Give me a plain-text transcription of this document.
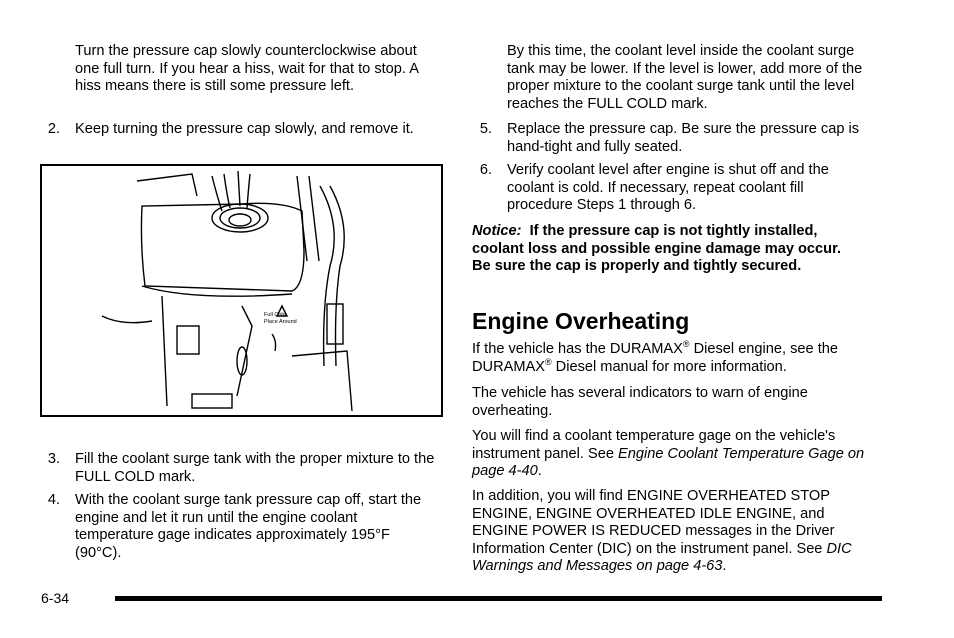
Turn the pressure cap slowly counterclockwise about one full turn. If you hear a hiss, wait for that to stop. A hiss means there is still some pressure left.

2. Keep turning the pressure cap slowly, and remove it.
Full Cold
Place Around
3. Fill the coolant surge tank with the proper mixture to the FULL COLD mark.
4. With the coolant surge tank pressure cap off, start the engine and let it run until the engine coolant temperature gage indicates approximately 195°F (90°C).

By this time, the coolant level inside the coolant surge tank may be lower. If the level is lower, add more of the proper mixture to the coolant surge tank until the level reaches the FULL COLD mark.

5. Replace the pressure cap. Be sure the pressure cap is hand-tight and fully seated.
6. Verify coolant level after engine is shut off and the coolant is cold. If necessary, repeat coolant fill procedure Steps 1 through 6.

Notice: If the pressure cap is not tightly installed, coolant loss and possible engine damage may occur. Be sure the cap is properly and tightly secured.

Engine Overheating

If the vehicle has the DURAMAX® Diesel engine, see the DURAMAX® Diesel manual for more information.

The vehicle has several indicators to warn of engine overheating.

You will find a coolant temperature gage on the vehicle's instrument panel. See Engine Coolant Temperature Gage on page 4-40.

In addition, you will find ENGINE OVERHEATED STOP ENGINE, ENGINE OVERHEATED IDLE ENGINE, and ENGINE POWER IS REDUCED messages in the Driver Information Center (DIC) on the instrument panel. See DIC Warnings and Messages on page 4-63.

6-34
